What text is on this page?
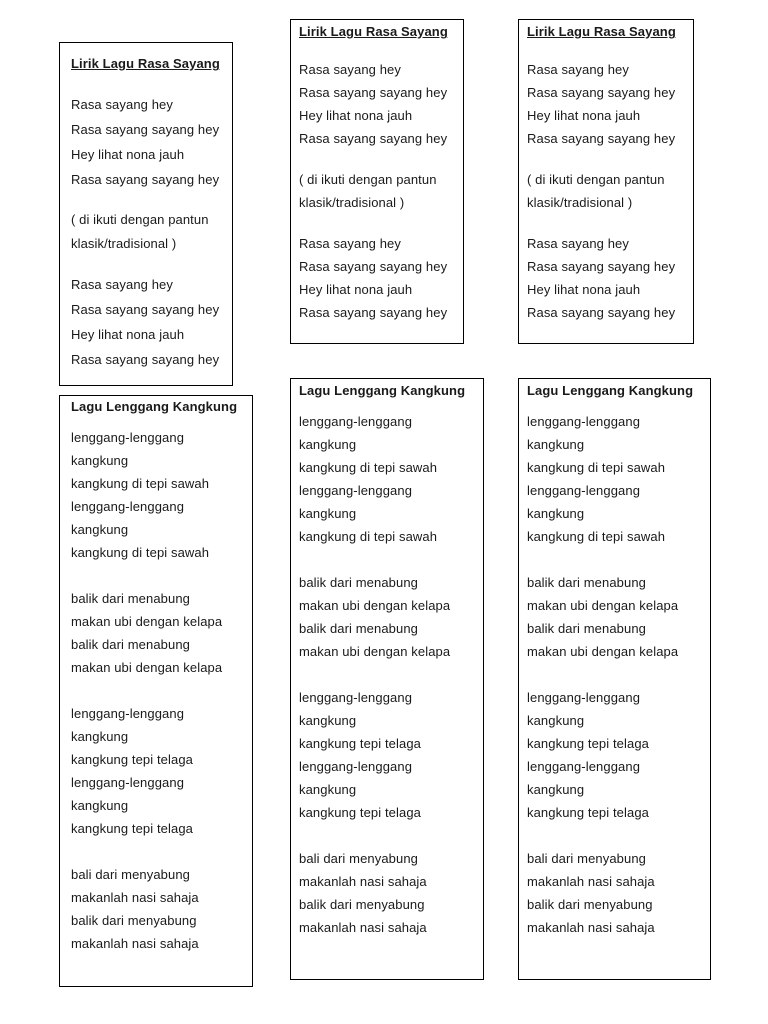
Lirik Lagu Rasa Sayang
Rasa sayang hey
Rasa sayang sayang hey
Hey lihat nona jauh
Rasa sayang sayang hey
( di ikuti dengan pantun
klasik/tradisional )
Rasa sayang hey
Rasa sayang sayang hey
Hey lihat nona jauh
Rasa sayang sayang hey
Lirik Lagu Rasa Sayang
Rasa sayang hey
Rasa sayang sayang hey
Hey lihat nona jauh
Rasa sayang sayang hey
( di ikuti dengan pantun
klasik/tradisional )
Rasa sayang hey
Rasa sayang sayang hey
Hey lihat nona jauh
Rasa sayang sayang hey
Lirik Lagu Rasa Sayang
Rasa sayang hey
Rasa sayang sayang hey
Hey lihat nona jauh
Rasa sayang sayang hey
( di ikuti dengan pantun
klasik/tradisional )
Rasa sayang hey
Rasa sayang sayang hey
Hey lihat nona jauh
Rasa sayang sayang hey
Lagu Lenggang Kangkung
lenggang-lenggang
kangkung
kangkung di tepi sawah
lenggang-lenggang
kangkung
kangkung di tepi sawah
balik dari menabung
makan ubi dengan kelapa
balik dari menabung
makan ubi dengan kelapa
lenggang-lenggang
kangkung
kangkung tepi telaga
lenggang-lenggang
kangkung
kangkung tepi telaga
bali dari menyabung
makanlah nasi sahaja
balik dari menyabung
makanlah nasi sahaja
Lagu Lenggang Kangkung
lenggang-lenggang
kangkung
kangkung di tepi sawah
lenggang-lenggang
kangkung
kangkung di tepi sawah
balik dari menabung
makan ubi dengan kelapa
balik dari menabung
makan ubi dengan kelapa
lenggang-lenggang
kangkung
kangkung tepi telaga
lenggang-lenggang
kangkung
kangkung tepi telaga
bali dari menyabung
makanlah nasi sahaja
balik dari menyabung
makanlah nasi sahaja
Lagu Lenggang Kangkung
lenggang-lenggang
kangkung
kangkung di tepi sawah
lenggang-lenggang
kangkung
kangkung di tepi sawah
balik dari menabung
makan ubi dengan kelapa
balik dari menabung
makan ubi dengan kelapa
lenggang-lenggang
kangkung
kangkung tepi telaga
lenggang-lenggang
kangkung
kangkung tepi telaga
bali dari menyabung
makanlah nasi sahaja
balik dari menyabung
makanlah nasi sahaja
